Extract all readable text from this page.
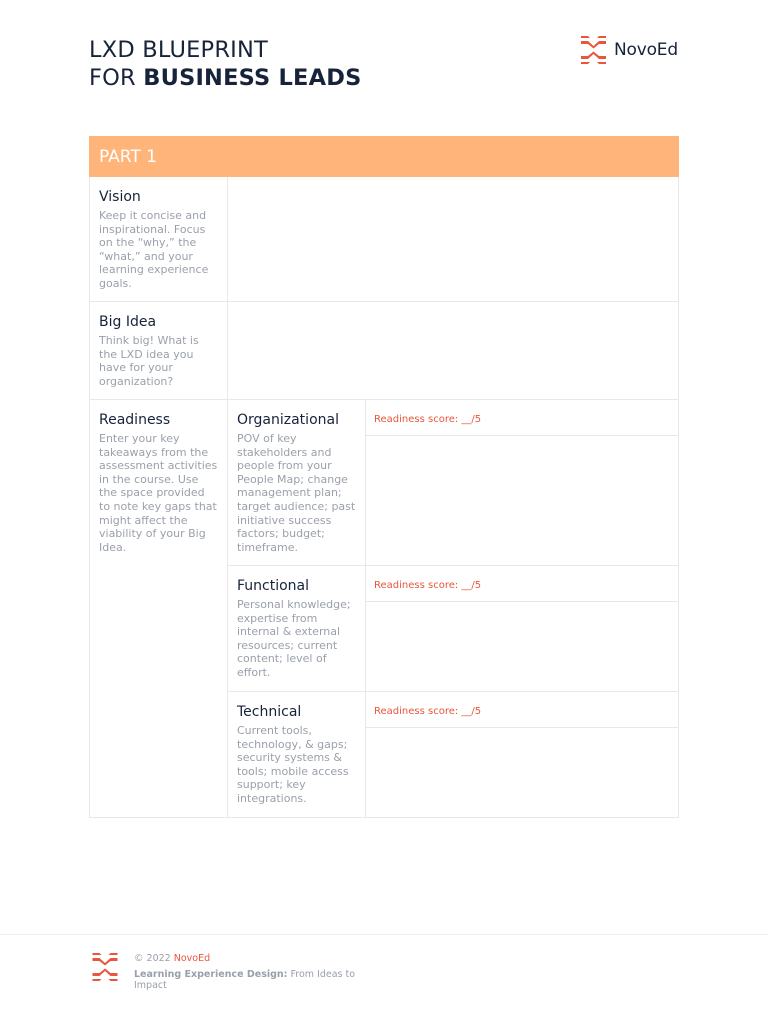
LXD BLUEPRINT
FOR BUSINESS LEADS
NovoEd
PART 1
Vision
Keep it concise and inspirational. Focus on the “why,” the “what,” and your learning experience goals.
Big Idea
Think big! What is the LXD idea you have for your organization?
Readiness
Enter your key takeaways from the assessment activities in the course. Use the space provided to note key gaps that might affect the viability of your Big Idea.
Organizational
POV of key stakeholders and people from your People Map; change management plan; target audience; past initiative success factors; budget; timeframe.
Functional
Personal knowledge; expertise from internal & external resources; current content; level of effort.
Technical
Current tools, technology, & gaps; security systems & tools; mobile access support; key integrations.
Readiness score: __/5
Readiness score: __/5
Readiness score: __/5
© 2022 NovoEd
Learning Experience Design: From Ideas to Impact
